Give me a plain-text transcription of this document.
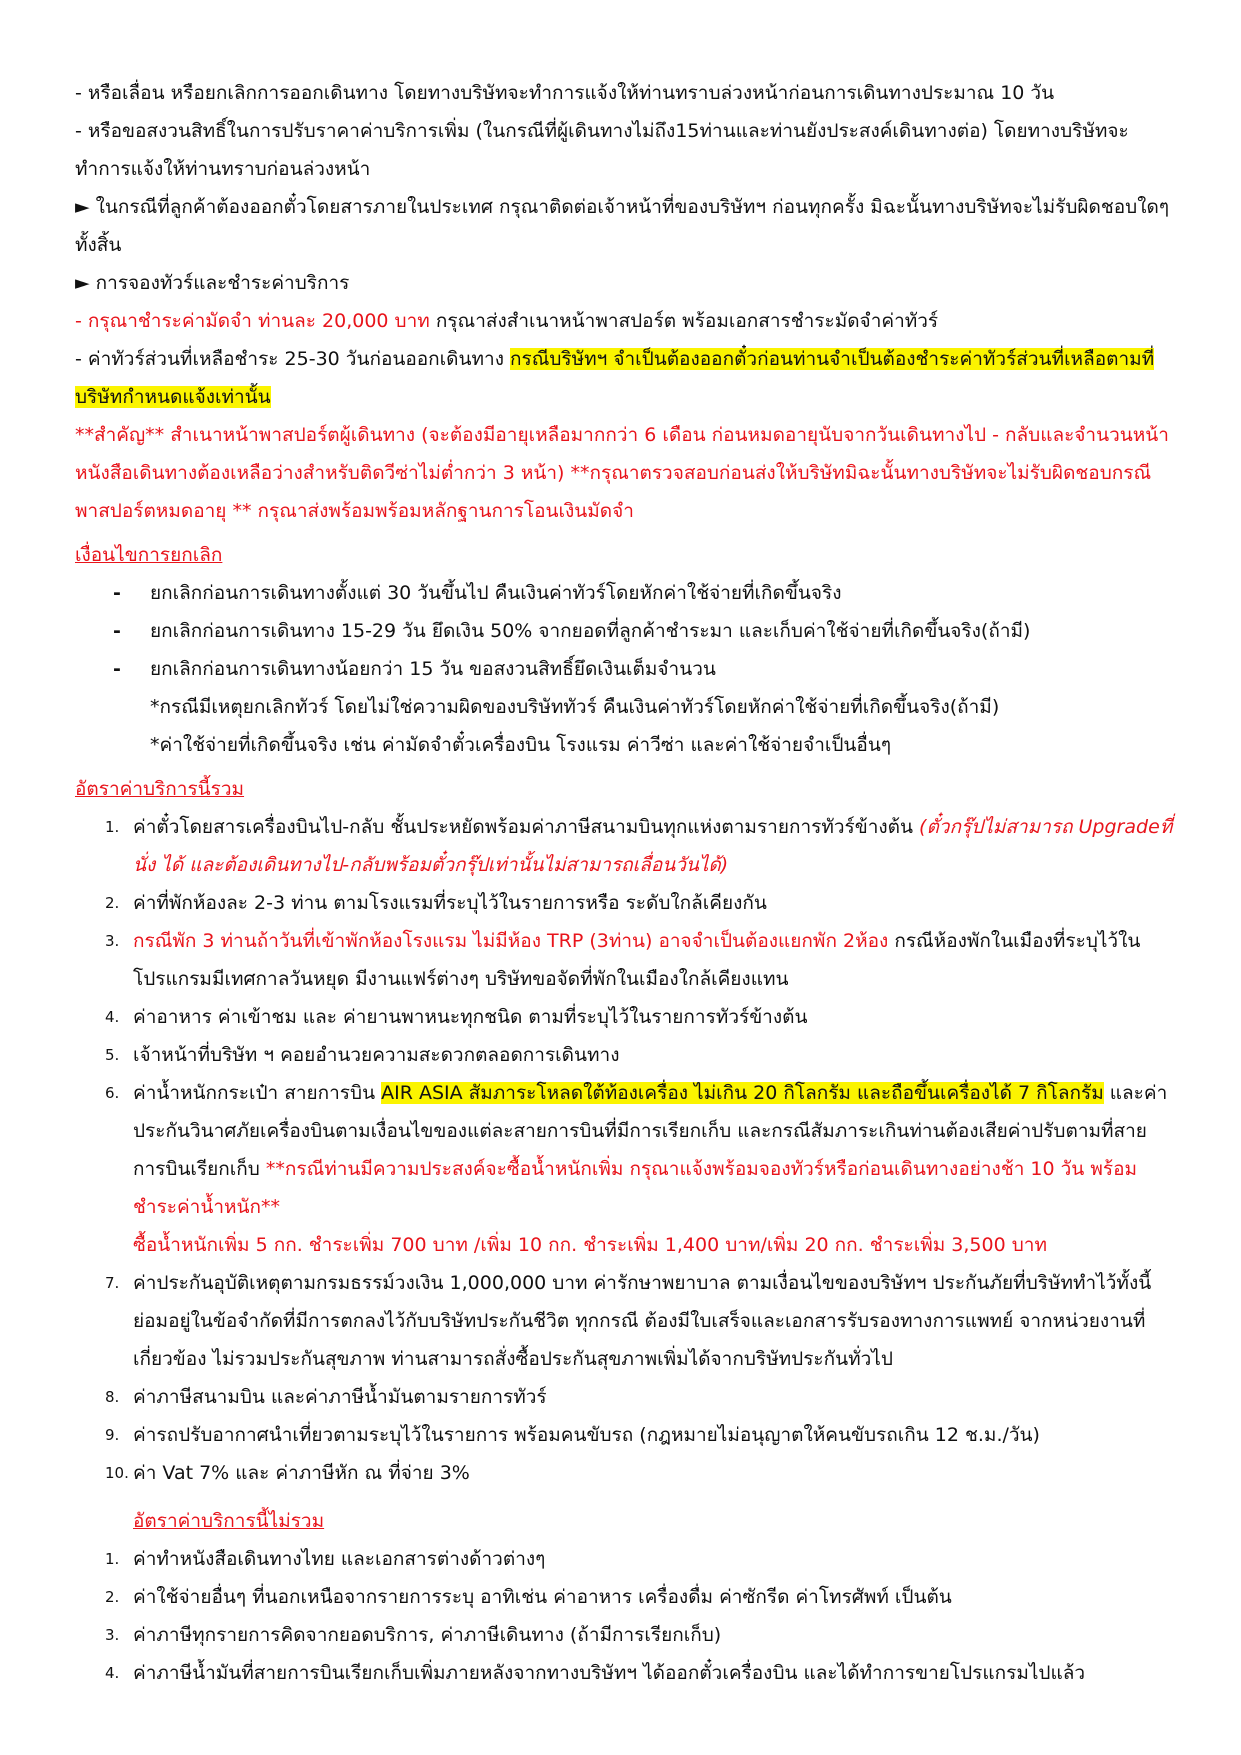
- หรือเลื่อน หรือยกเลิกการออกเดินทาง โดยทางบริษัทจะทำการแจ้งให้ท่านทราบล่วงหน้าก่อนการเดินทางประมาณ 10 วัน

- หรือขอสงวนสิทธิ์ในการปรับราคาค่าบริการเพิ่ม (ในกรณีที่ผู้เดินทางไม่ถึง15ท่านและท่านยังประสงค์เดินทางต่อ) โดยทางบริษัทจะทำการแจ้งให้ท่านทราบก่อนล่วงหน้า

► ในกรณีที่ลูกค้าต้องออกตั๋วโดยสารภายในประเทศ กรุณาติดต่อเจ้าหน้าที่ของบริษัทฯ ก่อนทุกครั้ง มิฉะนั้นทางบริษัทจะไม่รับผิดชอบใดๆ ทั้งสิ้น

► การจองทัวร์และชำระค่าบริการ

- กรุณาชำระค่ามัดจำ ท่านละ 20,000 บาท กรุณาส่งสำเนาหน้าพาสปอร์ต พร้อมเอกสารชำระมัดจำค่าทัวร์

- ค่าทัวร์ส่วนที่เหลือชำระ 25-30 วันก่อนออกเดินทาง กรณีบริษัทฯ จำเป็นต้องออกตั๋วก่อนท่านจำเป็นต้องชำระค่าทัวร์ส่วนที่เหลือตามที่บริษัทกำหนดแจ้งเท่านั้น

**สำคัญ** สำเนาหน้าพาสปอร์ตผู้เดินทาง (จะต้องมีอายุเหลือมากกว่า 6 เดือน ก่อนหมดอายุนับจากวันเดินทางไป - กลับและจำนวนหน้าหนังสือเดินทางต้องเหลือว่างสำหรับติดวีซ่าไม่ต่ำกว่า 3 หน้า) **กรุณาตรวจสอบก่อนส่งให้บริษัทมิฉะนั้นทางบริษัทจะไม่รับผิดชอบกรณีพาสปอร์ตหมดอายุ ** กรุณาส่งพร้อมพร้อมหลักฐานการโอนเงินมัดจำ

เงื่อนไขการยกเลิก

- ยกเลิกก่อนการเดินทางตั้งแต่ 30 วันขึ้นไป คืนเงินค่าทัวร์โดยหักค่าใช้จ่ายที่เกิดขึ้นจริง
- ยกเลิกก่อนการเดินทาง 15-29 วัน ยึดเงิน 50% จากยอดที่ลูกค้าชำระมา และเก็บค่าใช้จ่ายที่เกิดขึ้นจริง(ถ้ามี)
- ยกเลิกก่อนการเดินทางน้อยกว่า 15 วัน ขอสงวนสิทธิ์ยึดเงินเต็มจำนวน

*กรณีมีเหตุยกเลิกทัวร์ โดยไม่ใช่ความผิดของบริษัททัวร์ คืนเงินค่าทัวร์โดยหักค่าใช้จ่ายที่เกิดขึ้นจริง(ถ้ามี)

*ค่าใช้จ่ายที่เกิดขึ้นจริง เช่น ค่ามัดจำตั๋วเครื่องบิน โรงแรม ค่าวีซ่า และค่าใช้จ่ายจำเป็นอื่นๆ

อัตราค่าบริการนี้รวม

1. ค่าตั๋วโดยสารเครื่องบินไป-กลับ ชั้นประหยัดพร้อมค่าภาษีสนามบินทุกแห่งตามรายการทัวร์ข้างต้น (ตั๋วกรุ๊ปไม่สามารถ Upgradeที่นั่ง ได้ และต้องเดินทางไป-กลับพร้อมตั๋วกรุ๊ปเท่านั้นไม่สามารถเลื่อนวันได้)
2. ค่าที่พักห้องละ 2-3 ท่าน ตามโรงแรมที่ระบุไว้ในรายการหรือ ระดับใกล้เคียงกัน
3. กรณีพัก 3 ท่านถ้าวันที่เข้าพักห้องโรงแรม ไม่มีห้อง TRP (3ท่าน) อาจจำเป็นต้องแยกพัก 2ห้อง กรณีห้องพักในเมืองที่ระบุไว้ในโปรแกรมมีเทศกาลวันหยุด มีงานแฟร์ต่างๆ บริษัทขอจัดที่พักในเมืองใกล้เคียงแทน
4. ค่าอาหาร ค่าเข้าชม และ ค่ายานพาหนะทุกชนิด ตามที่ระบุไว้ในรายการทัวร์ข้างต้น
5. เจ้าหน้าที่บริษัท ฯ คอยอำนวยความสะดวกตลอดการเดินทาง
6. ค่าน้ำหนักกระเป๋า สายการบิน AIR ASIA สัมภาระโหลดใต้ท้องเครื่อง ไม่เกิน 20 กิโลกรัม และถือขึ้นเครื่องได้ 7 กิโลกรัม และค่าประกันวินาศภัยเครื่องบินตามเงื่อนไขของแต่ละสายการบินที่มีการเรียกเก็บ และกรณีสัมภาระเกินท่านต้องเสียค่าปรับตามที่สายการบินเรียกเก็บ **กรณีท่านมีความประสงค์จะซื้อน้ำหนักเพิ่ม กรุณาแจ้งพร้อมจองทัวร์หรือก่อนเดินทางอย่างช้า 10 วัน พร้อมชำระค่าน้ำหนัก**
ซื้อน้ำหนักเพิ่ม 5 กก. ชำระเพิ่ม 700 บาท /เพิ่ม 10 กก. ชำระเพิ่ม 1,400 บาท/เพิ่ม 20 กก. ชำระเพิ่ม 3,500 บาท
7. ค่าประกันอุบัติเหตุตามกรมธรรม์วงเงิน 1,000,000 บาท ค่ารักษาพยาบาล ตามเงื่อนไขของบริษัทฯ ประกันภัยที่บริษัททำไว้ทั้งนี้ย่อมอยู่ในข้อจำกัดที่มีการตกลงไว้กับบริษัทประกันชีวิต ทุกกรณี ต้องมีใบเสร็จและเอกสารรับรองทางการแพทย์ จากหน่วยงานที่เกี่ยวข้อง ไม่รวมประกันสุขภาพ ท่านสามารถสั่งซื้อประกันสุขภาพเพิ่มได้จากบริษัทประกันทั่วไป
8. ค่าภาษีสนามบิน และค่าภาษีน้ำมันตามรายการทัวร์
9. ค่ารถปรับอากาศนำเที่ยวตามระบุไว้ในรายการ พร้อมคนขับรถ (กฎหมายไม่อนุญาตให้คนขับรถเกิน 12 ช.ม./วัน)
10. ค่า Vat 7% และ ค่าภาษีหัก ณ ที่จ่าย 3%

อัตราค่าบริการนี้ไม่รวม

1. ค่าทำหนังสือเดินทางไทย และเอกสารต่างด้าวต่างๆ
2. ค่าใช้จ่ายอื่นๆ ที่นอกเหนือจากรายการระบุ อาทิเช่น ค่าอาหาร เครื่องดื่ม ค่าซักรีด ค่าโทรศัพท์ เป็นต้น
3. ค่าภาษีทุกรายการคิดจากยอดบริการ, ค่าภาษีเดินทาง (ถ้ามีการเรียกเก็บ)
4. ค่าภาษีน้ำมันที่สายการบินเรียกเก็บเพิ่มภายหลังจากทางบริษัทฯ ได้ออกตั๋วเครื่องบิน และได้ทำการขายโปรแกรมไปแล้ว
